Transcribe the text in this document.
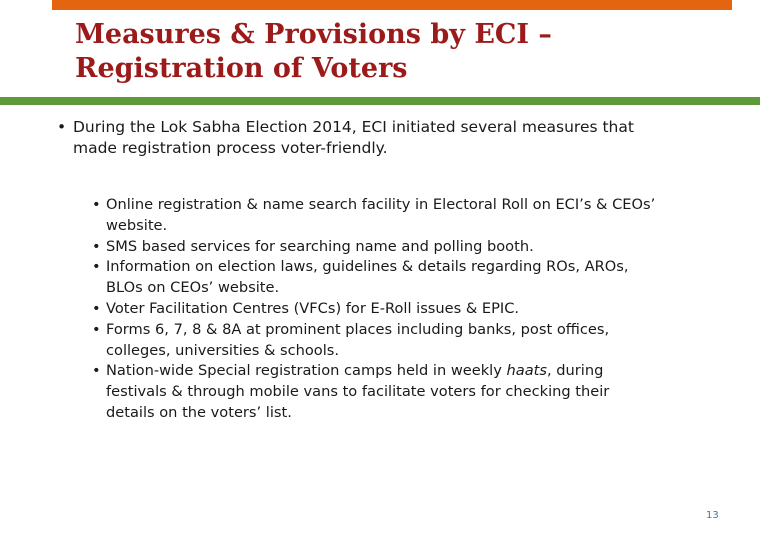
Measures & Provisions by ECI –
Registration of Voters
• During the Lok Sabha Election 2014, ECI initiated several measures that made registration process voter-friendly.
• Online registration & name search facility in Electoral Roll on ECI’s & CEOs’ website.
• SMS based services for searching name and polling booth.
• Information on election laws, guidelines & details regarding ROs, AROs, BLOs on CEOs’ website.
• Voter Facilitation Centres (VFCs) for E-Roll issues & EPIC.
• Forms 6, 7, 8 & 8A at prominent places including banks, post offices, colleges, universities & schools.
• Nation-wide Special registration camps held in weekly haats, during festivals & through mobile vans to facilitate voters for checking their details on the voters’ list.
13
